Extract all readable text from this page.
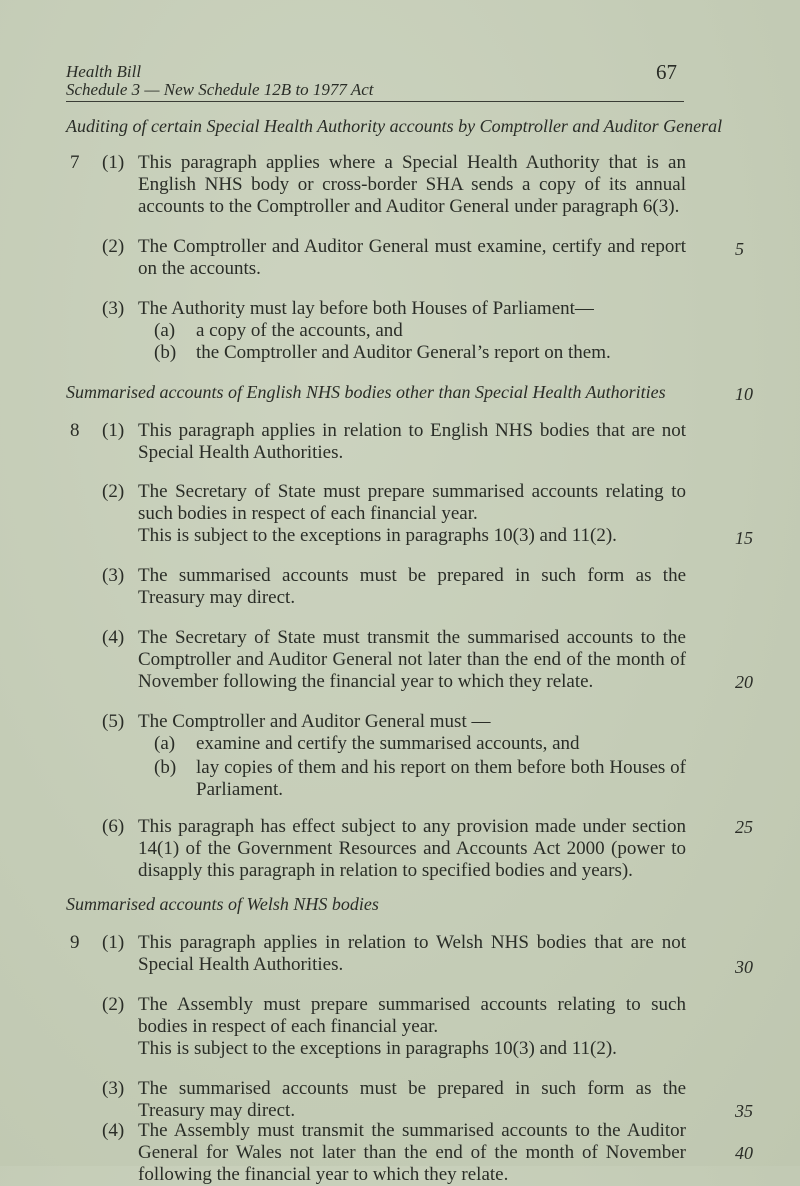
Health Bill
Schedule 3 — New Schedule 12B to 1977 Act
67
Auditing of certain Special Health Authority accounts by Comptroller and Auditor General
7 (1) This paragraph applies where a Special Health Authority that is an English NHS body or cross-border SHA sends a copy of its annual accounts to the Comptroller and Auditor General under paragraph 6(3).
(2) The Comptroller and Auditor General must examine, certify and report on the accounts.
(3) The Authority must lay before both Houses of Parliament—
(a) a copy of the accounts, and
(b) the Comptroller and Auditor General’s report on them.
Summarised accounts of English NHS bodies other than Special Health Authorities
8 (1) This paragraph applies in relation to English NHS bodies that are not Special Health Authorities.
(2) The Secretary of State must prepare summarised accounts relating to such bodies in respect of each financial year.
This is subject to the exceptions in paragraphs 10(3) and 11(2).
(3) The summarised accounts must be prepared in such form as the Treasury may direct.
(4) The Secretary of State must transmit the summarised accounts to the Comptroller and Auditor General not later than the end of the month of November following the financial year to which they relate.
(5) The Comptroller and Auditor General must —
(a) examine and certify the summarised accounts, and
(b) lay copies of them and his report on them before both Houses of Parliament.
(6) This paragraph has effect subject to any provision made under section 14(1) of the Government Resources and Accounts Act 2000 (power to disapply this paragraph in relation to specified bodies and years).
Summarised accounts of Welsh NHS bodies
9 (1) This paragraph applies in relation to Welsh NHS bodies that are not Special Health Authorities.
(2) The Assembly must prepare summarised accounts relating to such bodies in respect of each financial year.
This is subject to the exceptions in paragraphs 10(3) and 11(2).
(3) The summarised accounts must be prepared in such form as the Treasury may direct.
(4) The Assembly must transmit the summarised accounts to the Auditor General for Wales not later than the end of the month of November following the financial year to which they relate.
5
10
15
20
25
30
35
40
